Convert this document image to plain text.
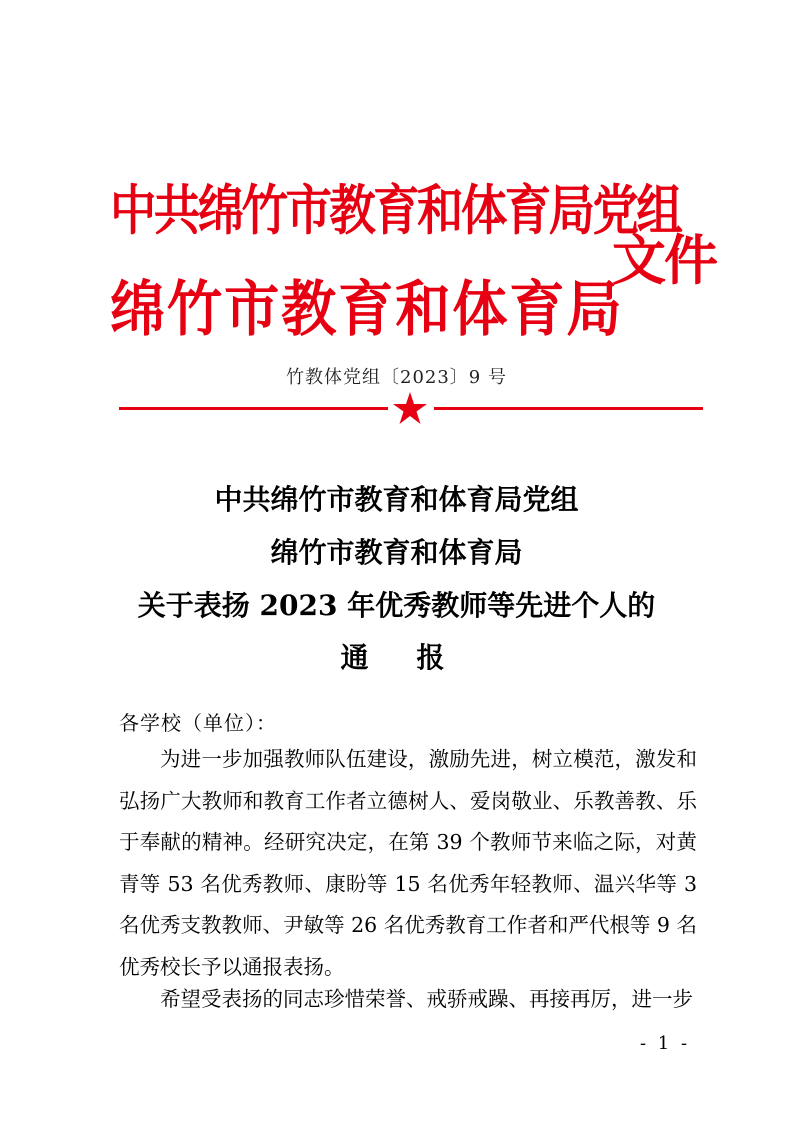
中共绵竹市教育和体育局党组
绵竹市教育和体育局
文件
竹教体党组〔2023〕9 号
中共绵竹市教育和体育局党组
绵竹市教育和体育局
关于表扬 2023 年优秀教师等先进个人的
通报
各学校（单位）：

为进一步加强教师队伍建设，激励先进，树立模范，激发和弘扬广大教师和教育工作者立德树人、爱岗敬业、乐教善教、乐于奉献的精神。经研究决定，在第 39 个教师节来临之际，对黄青等 53 名优秀教师、康盼等 15 名优秀年轻教师、温兴华等 3 名优秀支教教师、尹敏等 26 名优秀教育工作者和严代根等 9 名优秀校长予以通报表扬。

希望受表扬的同志珍惜荣誉、戒骄戒躁、再接再厉，进一步

- 1 -
